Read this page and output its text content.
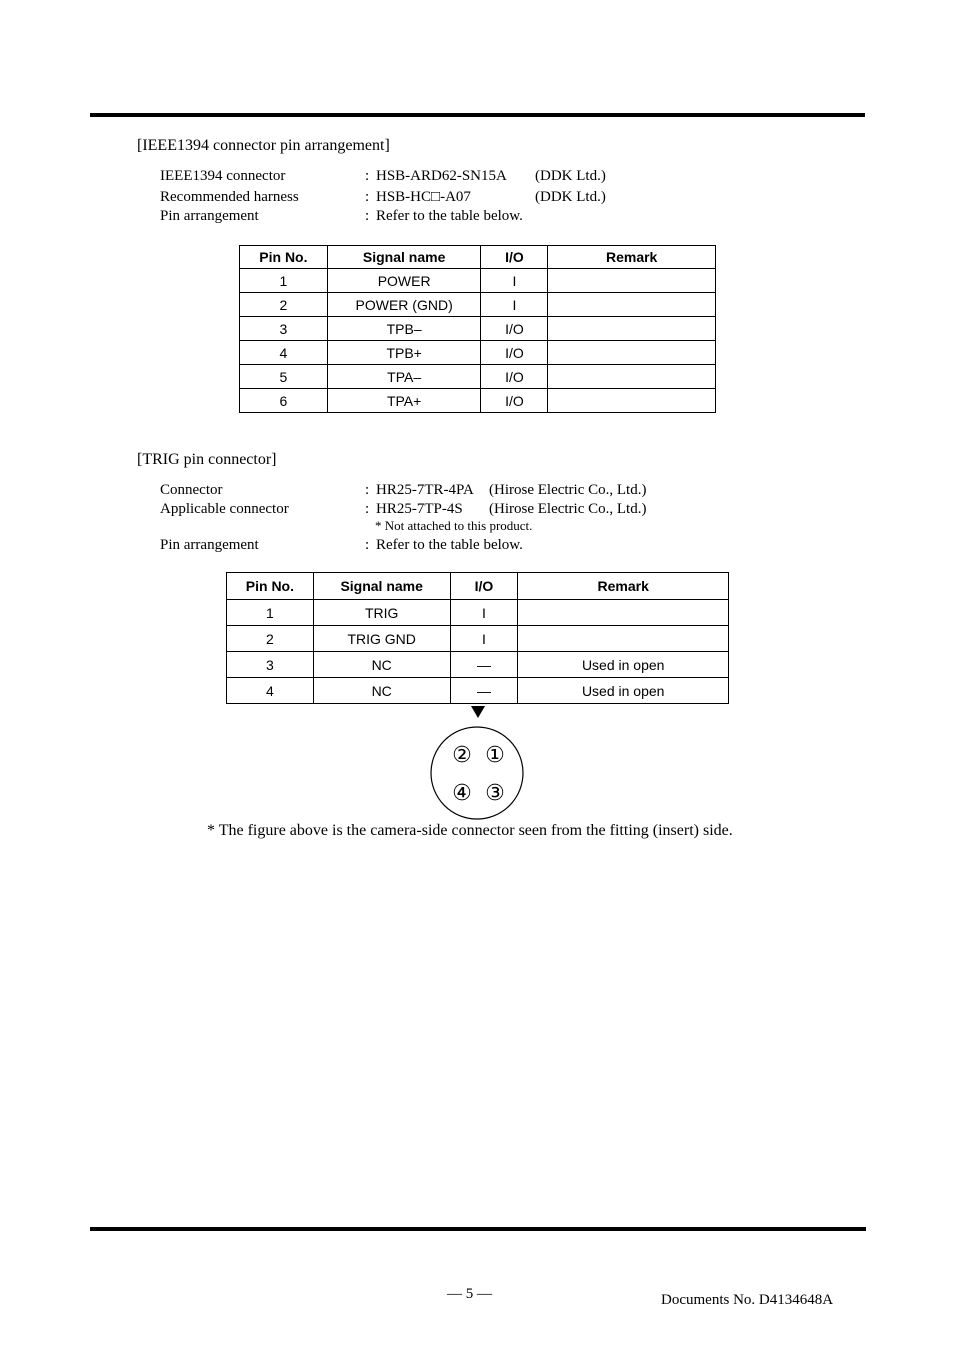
[IEEE1394 connector pin arrangement]
IEEE1394 connector	: HSB-ARD62-SN15A (DDK Ltd.)
Recommended harness	: HSB-HC□-A07	(DDK Ltd.)
Pin arrangement	: Refer to the table below.
Pin No.	Signal name	I/O	Remark
1	POWER	I	
2	POWER (GND)	I	
3	TPB–	I/O	
4	TPB+	I/O	
5	TPA–	I/O	
6	TPA+	I/O	
[TRIG pin connector]
Connector	: HR25-7TR-4PA (Hirose Electric Co., Ltd.)
Applicable connector	: HR25-7TP-4S (Hirose Electric Co., Ltd.)
* Not attached to this product.
Pin arrangement	: Refer to the table below.
Pin No.	Signal name	I/O	Remark
1	TRIG	I	
2	TRIG GND	I	
3	NC	—	Used in open
4	NC	—	Used in open
② ①
④ ③
* The figure above is the camera-side connector seen from the fitting (insert) side.
— 5 —	Documents No. D4134648A
